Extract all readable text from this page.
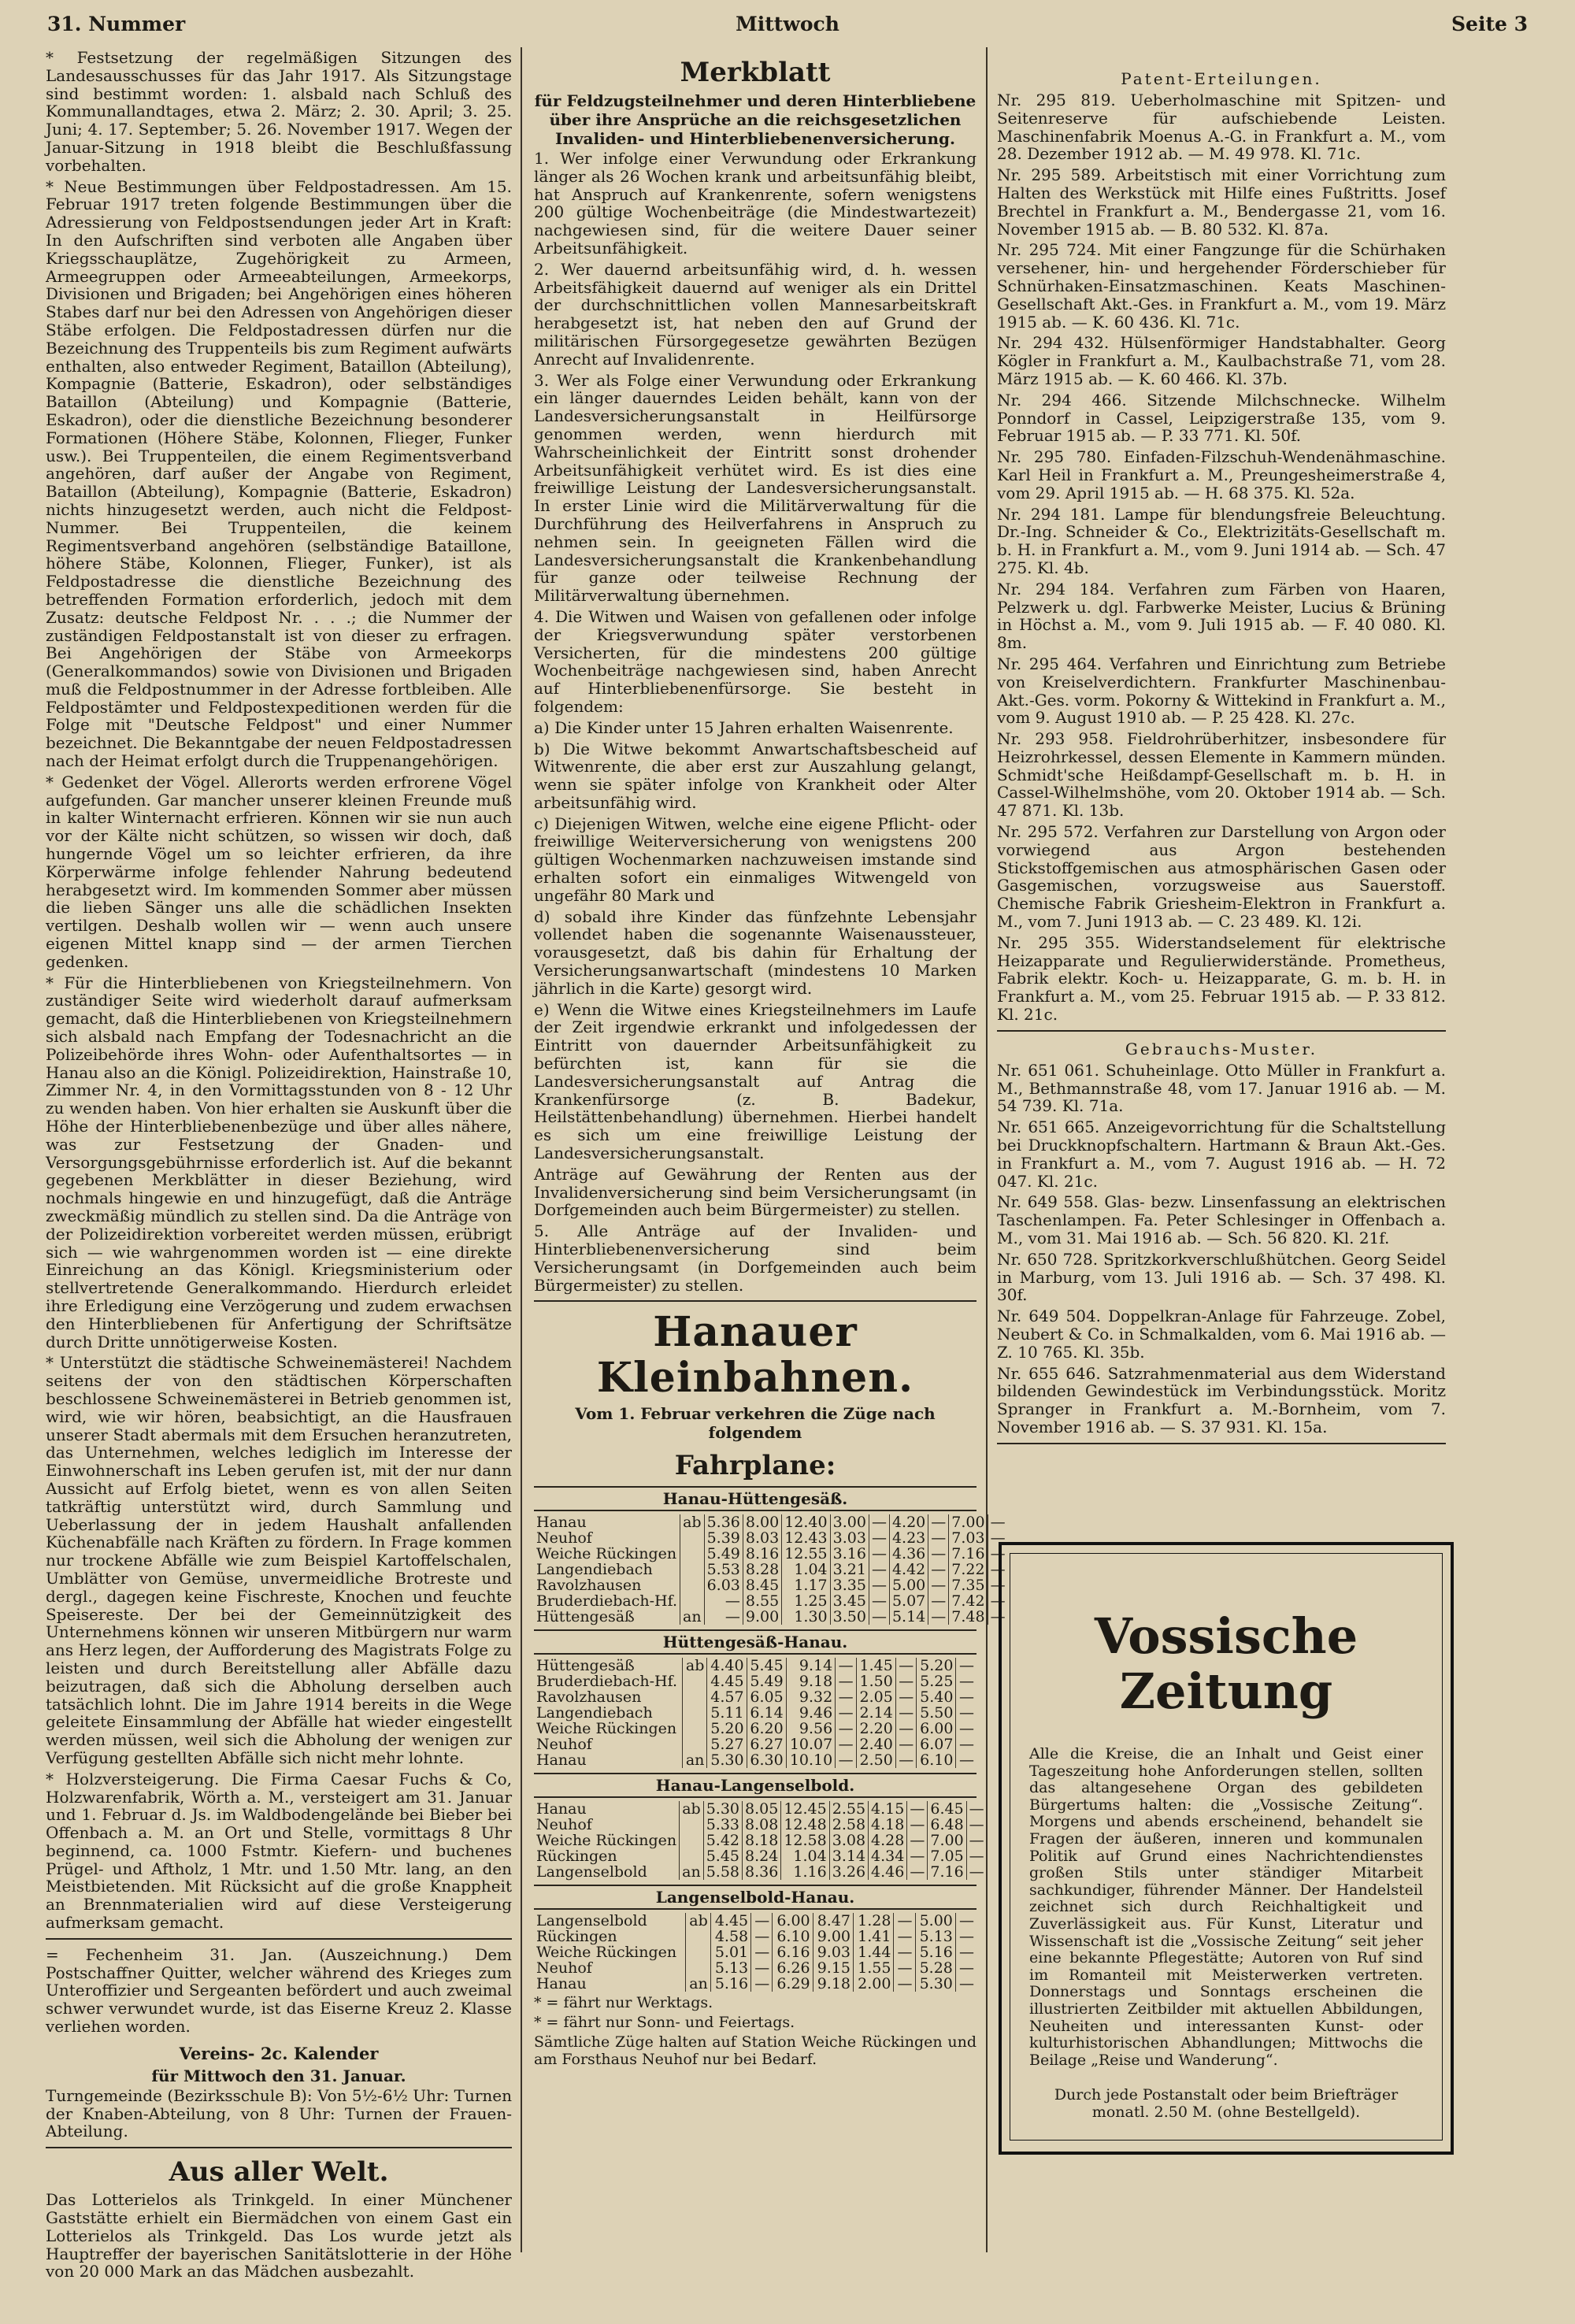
31. Nummer	Mittwoch	Seite 3

* Festsetzung der regelmäßigen Sitzungen des Landesausschusses für das Jahr 1917. Als Sitzungstage sind bestimmt worden: 1. alsbald nach Schluß des Kommunallandtages, etwa 2. März; 2. 30. April; 3. 25. Juni; 4. 17. September; 5. 26. November 1917. Wegen der Januar-Sitzung in 1918 bleibt die Beschlußfassung vorbehalten.

* Neue Bestimmungen über Feldpostadressen. Am 15. Februar 1917 treten folgende Bestimmungen über die Adressierung von Feldpostsendungen jeder Art in Kraft: In den Aufschriften sind verboten alle Angaben über Kriegsschauplätze, Zugehörigkeit zu Armeen, Armeegruppen oder Armeeabteilungen, Armeekorps, Divisionen und Brigaden; bei Angehörigen eines höheren Stabes darf nur bei den Adressen von Angehörigen dieser Stäbe erfolgen. Die Feldpostadressen dürfen nur die Bezeichnung des Truppenteils bis zum Regiment aufwärts enthalten, also entweder Regiment, Bataillon (Abteilung), Kompagnie (Batterie, Eskadron), oder selbständiges Bataillon (Abteilung) und Kompagnie (Batterie, Eskadron), oder die dienstliche Bezeichnung besonderer Formationen (Höhere Stäbe, Kolonnen, Flieger, Funker usw.). Bei Truppenteilen, die einem Regimentsverband angehören, darf außer der Angabe von Regiment, Bataillon (Abteilung), Kompagnie (Batterie, Eskadron) nichts hinzugesetzt werden, auch nicht die Feldpost-Nummer. Bei Truppenteilen, die keinem Regimentsverband angehören (selbständige Bataillone, höhere Stäbe, Kolonnen, Flieger, Funker), ist als Feldpostadresse die dienstliche Bezeichnung des betreffenden Formation erforderlich, jedoch mit dem Zusatz: deutsche Feldpost Nr. . . .; die Nummer der zuständigen Feldpostanstalt ist von dieser zu erfragen. Bei Angehörigen der Stäbe von Armeekorps (Generalkommandos) sowie von Divisionen und Brigaden muß die Feldpostnummer in der Adresse fortbleiben. Alle Feldpostämter und Feldpostexpeditionen werden für die Folge mit "Deutsche Feldpost" und einer Nummer bezeichnet. Die Bekanntgabe der neuen Feldpostadressen nach der Heimat erfolgt durch die Truppenangehörigen.

* Gedenket der Vögel. Allerorts werden erfrorene Vögel aufgefunden. Gar mancher unserer kleinen Freunde muß in kalter Winternacht erfrieren. Können wir sie nun auch vor der Kälte nicht schützen, so wissen wir doch, daß hungernde Vögel um so leichter erfrieren, da ihre Körperwärme infolge fehlender Nahrung bedeutend herabgesetzt wird. Im kommenden Sommer aber müssen die lieben Sänger uns alle die schädlichen Insekten vertilgen. Deshalb wollen wir — wenn auch unsere eigenen Mittel knapp sind — der armen Tierchen gedenken.

* Für die Hinterbliebenen von Kriegsteilnehmern. Von zuständiger Seite wird wiederholt darauf aufmerksam gemacht, daß die Hinterbliebenen von Kriegsteilnehmern sich alsbald nach Empfang der Todesnachricht an die Polizeibehörde ihres Wohn- oder Aufenthaltsortes — in Hanau also an die Königl. Polizeidirektion, Hainstraße 10, Zimmer Nr. 4, in den Vormittagsstunden von 8 - 12 Uhr zu wenden haben. Von hier erhalten sie Auskunft über die Höhe der Hinterbliebenenbezüge und über alles nähere, was zur Festsetzung der Gnaden- und Versorgungsgebührnisse erforderlich ist. Auf die bekannt gegebenen Merkblätter in dieser Beziehung, wird nochmals hingewie en und hinzugefügt, daß die Anträge zweckmäßig mündlich zu stellen sind. Da die Anträge von der Polizeidirektion vorbereitet werden müssen, erübrigt sich — wie wahrgenommen worden ist — eine direkte Einreichung an das Königl. Kriegsministerium oder stellvertretende Generalkommando. Hierdurch erleidet ihre Erledigung eine Verzögerung und zudem erwachsen den Hinterbliebenen für Anfertigung der Schriftsätze durch Dritte unnötigerweise Kosten.

* Unterstützt die städtische Schweinemästerei! Nachdem seitens der von den städtischen Körperschaften beschlossene Schweinemästerei in Betrieb genommen ist, wird, wie wir hören, beabsichtigt, an die Hausfrauen unserer Stadt abermals mit dem Ersuchen heranzutreten, das Unternehmen, welches lediglich im Interesse der Einwohnerschaft ins Leben gerufen ist, mit der nur dann Aussicht auf Erfolg bietet, wenn es von allen Seiten tatkräftig unterstützt wird, durch Sammlung und Ueberlassung der in jedem Haushalt anfallenden Küchenabfälle nach Kräften zu fördern. In Frage kommen nur trockene Abfälle wie zum Beispiel Kartoffelschalen, Umblätter von Gemüse, unvermeidliche Brotreste und dergl., dagegen keine Fischreste, Knochen und feuchte Speisereste. Der bei der Gemeinnützigkeit des Unternehmens können wir unseren Mitbürgern nur warm ans Herz legen, der Aufforderung des Magistrats Folge zu leisten und durch Bereitstellung aller Abfälle dazu beizutragen, daß sich die Abholung derselben auch tatsächlich lohnt. Die im Jahre 1914 bereits in die Wege geleitete Einsammlung der Abfälle hat wieder eingestellt werden müssen, weil sich die Abholung der wenigen zur Verfügung gestellten Abfälle sich nicht mehr lohnte.

* Holzversteigerung. Die Firma Caesar Fuchs & Co, Holzwarenfabrik, Wörth a. M., versteigert am 31. Januar und 1. Februar d. Js. im Waldbodengelände bei Bieber bei Offenbach a. M. an Ort und Stelle, vormittags 8 Uhr beginnend, ca. 1000 Fstmtr. Kiefern- und buchenes Prügel- und Aftholz, 1 Mtr. und 1.50 Mtr. lang, an den Meistbietenden. Mit Rücksicht auf die große Knappheit an Brennmaterialien wird auf diese Versteigerung aufmerksam gemacht.

= Fechenheim 31. Jan. (Auszeichnung.) Dem Postschaffner Quitter, welcher während des Krieges zum Unteroffizier und Sergeanten befördert und auch zweimal schwer verwundet wurde, ist das Eiserne Kreuz 2. Klasse verliehen worden.

Vereins- 2c. Kalender
für Mittwoch den 31. Januar.

Turngemeinde (Bezirksschule B): Von 5½-6½ Uhr: Turnen der Knaben-Abteilung, von 8 Uhr: Turnen der Frauen-Abteilung.

Aus aller Welt.

Das Lotterielos als Trinkgeld. In einer Münchener Gaststätte erhielt ein Biermädchen von einem Gast ein Lotterielos als Trinkgeld. Das Los wurde jetzt als Hauptreffer der bayerischen Sanitätslotterie in der Höhe von 20 000 Mark an das Mädchen ausbezahlt.

Merkblatt
für Feldzugsteilnehmer und deren Hinterbliebene über ihre Ansprüche an die reichsgesetzlichen Invaliden- und Hinterbliebenenversicherung.

1. Wer infolge einer Verwundung oder Erkrankung länger als 26 Wochen krank und arbeitsunfähig bleibt, hat Anspruch auf Krankenrente, sofern wenigstens 200 gültige Wochenbeiträge (die Mindestwartezeit) nachgewiesen sind, für die weitere Dauer seiner Arbeitsunfähigkeit.

2. Wer dauernd arbeitsunfähig wird, d. h. wessen Arbeitsfähigkeit dauernd auf weniger als ein Drittel der durchschnittlichen vollen Mannesarbeitskraft herabgesetzt ist, hat neben den auf Grund der militärischen Fürsorgegesetze gewährten Bezügen Anrecht auf Invalidenrente.

3. Wer als Folge einer Verwundung oder Erkrankung ein länger dauerndes Leiden behält, kann von der Landesversicherungsanstalt in Heilfürsorge genommen werden, wenn hierdurch mit Wahrscheinlichkeit der Eintritt sonst drohender Arbeitsunfähigkeit verhütet wird. Es ist dies eine freiwillige Leistung der Landesversicherungsanstalt. In erster Linie wird die Militärverwaltung für die Durchführung des Heilverfahrens in Anspruch zu nehmen sein. In geeigneten Fällen wird die Landesversicherungsanstalt die Krankenbehandlung für ganze oder teilweise Rechnung der Militärverwaltung übernehmen.

4. Die Witwen und Waisen von gefallenen oder infolge der Kriegsverwundung später verstorbenen Versicherten, für die mindestens 200 gültige Wochenbeiträge nachgewiesen sind, haben Anrecht auf Hinterbliebenenfürsorge. Sie besteht in folgendem:

a) Die Kinder unter 15 Jahren erhalten Waisenrente.

b) Die Witwe bekommt Anwartschaftsbescheid auf Witwenrente, die aber erst zur Auszahlung gelangt, wenn sie später infolge von Krankheit oder Alter arbeitsunfähig wird.

c) Diejenigen Witwen, welche eine eigene Pflicht- oder freiwillige Weiterversicherung von wenigstens 200 gültigen Wochenmarken nachzuweisen imstande sind erhalten sofort ein einmaliges Witwengeld von ungefähr 80 Mark und

d) sobald ihre Kinder das fünfzehnte Lebensjahr vollendet haben die sogenannte Waisenaussteuer, vorausgesetzt, daß bis dahin für Erhaltung der Versicherungsanwartschaft (mindestens 10 Marken jährlich in die Karte) gesorgt wird.

e) Wenn die Witwe eines Kriegsteilnehmers im Laufe der Zeit irgendwie erkrankt und infolgedessen der Eintritt von dauernder Arbeitsunfähigkeit zu befürchten ist, kann für sie die Landesversicherungsanstalt auf Antrag die Krankenfürsorge (z. B. Badekur, Heilstättenbehandlung) übernehmen. Hierbei handelt es sich um eine freiwillige Leistung der Landesversicherungsanstalt.

Anträge auf Gewährung der Renten aus der Invalidenversicherung sind beim Versicherungsamt (in Dorfgemeinden auch beim Bürgermeister) zu stellen.

5. Alle Anträge auf der Invaliden- und Hinterbliebenenversicherung sind beim Versicherungsamt (in Dorfgemeinden auch beim Bürgermeister) zu stellen.

Hanauer Kleinbahnen.
Vom 1. Februar verkehren die Züge nach folgendem
Fahrplane:
Hanau-Hüttengesäß.
Hanau	ab	5.36	8.00	12.40	3.00	—	4.20	—	7.00	—
Neuhof		5.39	8.03	12.43	3.03	—	4.23	—	7.03	—
Weiche Rückingen		5.49	8.16	12.55	3.16	—	4.36	—	7.16	—
Langendiebach		5.53	8.28	1.04	3.21	—	4.42	—	7.22	—
Ravolzhausen		6.03	8.45	1.17	3.35	—	5.00	—	7.35	—
Bruderdiebach-Hf.		—	8.55	1.25	3.45	—	5.07	—	7.42	—
Hüttengesäß	an	—	9.00	1.30	3.50	—	5.14	—	7.48	—
Hüttengesäß-Hanau.
Hüttengesäß	ab	4.40	5.45	9.14	—	1.45	—	5.20	—
Bruderdiebach-Hf.		4.45	5.49	9.18	—	1.50	—	5.25	—
Ravolzhausen		4.57	6.05	9.32	—	2.05	—	5.40	—
Langendiebach		5.11	6.14	9.46	—	2.14	—	5.50	—
Weiche Rückingen		5.20	6.20	9.56	—	2.20	—	6.00	—
Neuhof		5.27	6.27	10.07	—	2.40	—	6.07	—
Hanau	an	5.30	6.30	10.10	—	2.50	—	6.10	—
Hanau-Langenselbold.
Hanau	ab	5.30	8.05	12.45	2.55	4.15	—	6.45	—
Neuhof		5.33	8.08	12.48	2.58	4.18	—	6.48	—
Weiche Rückingen		5.42	8.18	12.58	3.08	4.28	—	7.00	—
Rückingen		5.45	8.24	1.04	3.14	4.34	—	7.05	—
Langenselbold	an	5.58	8.36	1.16	3.26	4.46	—	7.16	—
Langenselbold-Hanau.
Langenselbold	ab	4.45	—	6.00	8.47	1.28	—	5.00	—
Rückingen		4.58	—	6.10	9.00	1.41	—	5.13	—
Weiche Rückingen		5.01	—	6.16	9.03	1.44	—	5.16	—
Neuhof		5.13	—	6.26	9.15	1.55	—	5.28	—
Hanau	an	5.16	—	6.29	9.18	2.00	—	5.30	—

* = fährt nur Werktags.

* = fährt nur Sonn- und Feiertags.

Sämtliche Züge halten auf Station Weiche Rückingen und am Forsthaus Neuhof nur bei Bedarf.

Patent-Erteilungen.

Nr. 295 819. Ueberholmaschine mit Spitzen- und Seitenreserve für aufschiebende Leisten. Maschinenfabrik Moenus A.-G. in Frankfurt a. M., vom 28. Dezember 1912 ab. — M. 49 978. Kl. 71c.

Nr. 295 589. Arbeitstisch mit einer Vorrichtung zum Halten des Werkstück mit Hilfe eines Fußtritts. Josef Brechtel in Frankfurt a. M., Bendergasse 21, vom 16. November 1915 ab. — B. 80 532. Kl. 87a.

Nr. 295 724. Mit einer Fangzunge für die Schürhaken versehener, hin- und hergehender Förderschieber für Schnürhaken-Einsatzmaschinen. Keats Maschinen-Gesellschaft Akt.-Ges. in Frankfurt a. M., vom 19. März 1915 ab. — K. 60 436. Kl. 71c.

Nr. 294 432. Hülsenförmiger Handstabhalter. Georg Kögler in Frankfurt a. M., Kaulbachstraße 71, vom 28. März 1915 ab. — K. 60 466. Kl. 37b.

Nr. 294 466. Sitzende Milchschnecke. Wilhelm Ponndorf in Cassel, Leipzigerstraße 135, vom 9. Februar 1915 ab. — P. 33 771. Kl. 50f.

Nr. 295 780. Einfaden-Filzschuh-Wendenähmaschine. Karl Heil in Frankfurt a. M., Preungesheimerstraße 4, vom 29. April 1915 ab. — H. 68 375. Kl. 52a.

Nr. 294 181. Lampe für blendungsfreie Beleuchtung. Dr.-Ing. Schneider & Co., Elektrizitäts-Gesellschaft m. b. H. in Frankfurt a. M., vom 9. Juni 1914 ab. — Sch. 47 275. Kl. 4b.

Nr. 294 184. Verfahren zum Färben von Haaren, Pelzwerk u. dgl. Farbwerke Meister, Lucius & Brüning in Höchst a. M., vom 9. Juli 1915 ab. — F. 40 080. Kl. 8m.

Nr. 295 464. Verfahren und Einrichtung zum Betriebe von Kreiselverdichtern. Frankfurter Maschinenbau-Akt.-Ges. vorm. Pokorny & Wittekind in Frankfurt a. M., vom 9. August 1910 ab. — P. 25 428. Kl. 27c.

Nr. 293 958. Fieldrohrüberhitzer, insbesondere für Heizrohrkessel, dessen Elemente in Kammern münden. Schmidt'sche Heißdampf-Gesellschaft m. b. H. in Cassel-Wilhelmshöhe, vom 20. Oktober 1914 ab. — Sch. 47 871. Kl. 13b.

Nr. 295 572. Verfahren zur Darstellung von Argon oder vorwiegend aus Argon bestehenden Stickstoffgemischen aus atmosphärischen Gasen oder Gasgemischen, vorzugsweise aus Sauerstoff. Chemische Fabrik Griesheim-Elektron in Frankfurt a. M., vom 7. Juni 1913 ab. — C. 23 489. Kl. 12i.

Nr. 295 355. Widerstandselement für elektrische Heizapparate und Regulierwiderstände. Prometheus, Fabrik elektr. Koch- u. Heizapparate, G. m. b. H. in Frankfurt a. M., vom 25. Februar 1915 ab. — P. 33 812. Kl. 21c.

Gebrauchs-Muster.

Nr. 651 061. Schuheinlage. Otto Müller in Frankfurt a. M., Bethmannstraße 48, vom 17. Januar 1916 ab. — M. 54 739. Kl. 71a.

Nr. 651 665. Anzeigevorrichtung für die Schaltstellung bei Druckknopfschaltern. Hartmann & Braun Akt.-Ges. in Frankfurt a. M., vom 7. August 1916 ab. — H. 72 047. Kl. 21c.

Nr. 649 558. Glas- bezw. Linsenfassung an elektrischen Taschenlampen. Fa. Peter Schlesinger in Offenbach a. M., vom 31. Mai 1916 ab. — Sch. 56 820. Kl. 21f.

Nr. 650 728. Spritzkorkverschlußhütchen. Georg Seidel in Marburg, vom 13. Juli 1916 ab. — Sch. 37 498. Kl. 30f.

Nr. 649 504. Doppelkran-Anlage für Fahrzeuge. Zobel, Neubert & Co. in Schmalkalden, vom 6. Mai 1916 ab. — Z. 10 765. Kl. 35b.

Nr. 655 646. Satzrahmenmaterial aus dem Widerstand bildenden Gewindestück im Verbindungsstück. Moritz Spranger in Frankfurt a. M.-Bornheim, vom 7. November 1916 ab. — S. 37 931. Kl. 15a.

Vossische
Zeitung

Alle die Kreise, die an Inhalt und Geist einer Tageszeitung hohe Anforderungen stellen, sollten das altangesehene Organ des gebildeten Bürgertums halten: die „Vossische Zeitung“. Morgens und abends erscheinend, behandelt sie Fragen der äußeren, inneren und kommunalen Politik auf Grund eines Nachrichtendienstes großen Stils unter ständiger Mitarbeit sachkundiger, führender Männer. Der Handelsteil zeichnet sich durch Reichhaltigkeit und Zuverlässigkeit aus. Für Kunst, Literatur und Wissenschaft ist die „Vossische Zeitung“ seit jeher eine bekannte Pflegestätte; Autoren von Ruf sind im Romanteil mit Meisterwerken vertreten. Donnerstags und Sonntags erscheinen die illustrierten Zeitbilder mit aktuellen Abbildungen, Neuheiten und interessanten Kunst- oder kulturhistorischen Abhandlungen; Mittwochs die Beilage „Reise und Wanderung“.

Durch jede Postanstalt oder beim Briefträger monatl. 2.50 M. (ohne Bestellgeld).
